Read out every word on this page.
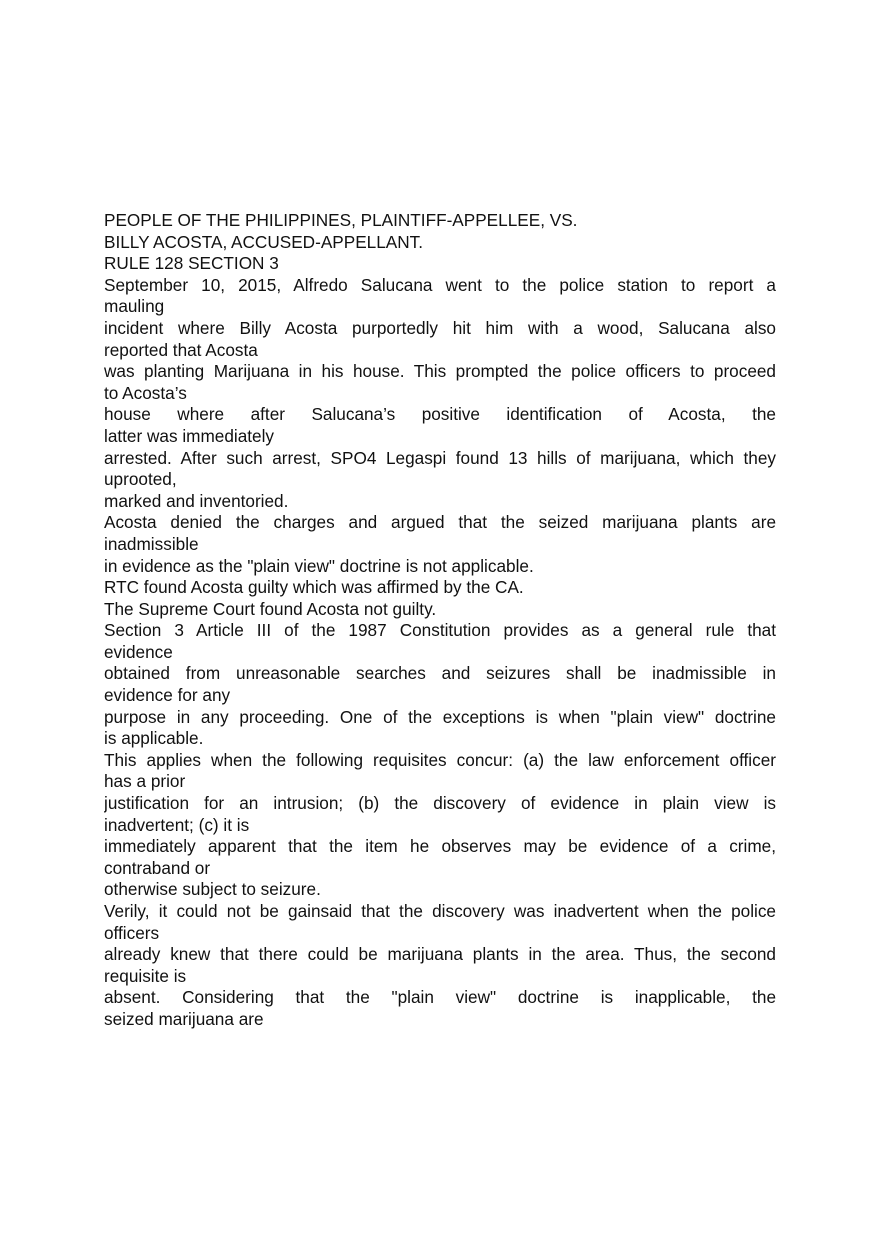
PEOPLE OF THE PHILIPPINES, PLAINTIFF-APPELLEE, VS.
BILLY ACOSTA, ACCUSED-APPELLANT.
RULE 128 SECTION 3
September 10, 2015, Alfredo Salucana went to the police station to report a
mauling
incident where Billy Acosta purportedly hit him with a wood, Salucana also
reported that Acosta
was planting Marijuana in his house. This prompted the police officers to proceed
to Acosta’s
house where after Salucana’s positive identification of Acosta, the
latter was immediately
arrested. After such arrest, SPO4 Legaspi found 13 hills of marijuana, which they
uprooted,
marked and inventoried.
Acosta denied the charges and argued that the seized marijuana plants are
inadmissible
in evidence as the "plain view" doctrine is not applicable.
RTC found Acosta guilty which was affirmed by the CA.
The Supreme Court found Acosta not guilty.
Section 3 Article III of the 1987 Constitution provides as a general rule that
evidence
obtained from unreasonable searches and seizures shall be inadmissible in
evidence for any
purpose in any proceeding. One of the exceptions is when "plain view" doctrine
is applicable.
This applies when the following requisites concur: (a) the law enforcement officer
has a prior
justification for an intrusion; (b) the discovery of evidence in plain view is
inadvertent; (c) it is
immediately apparent that the item he observes may be evidence of a crime,
contraband or
otherwise subject to seizure.
Verily, it could not be gainsaid that the discovery was inadvertent when the police
officers
already knew that there could be marijuana plants in the area. Thus, the second
requisite is
absent. Considering that the "plain view" doctrine is inapplicable, the
seized marijuana are
